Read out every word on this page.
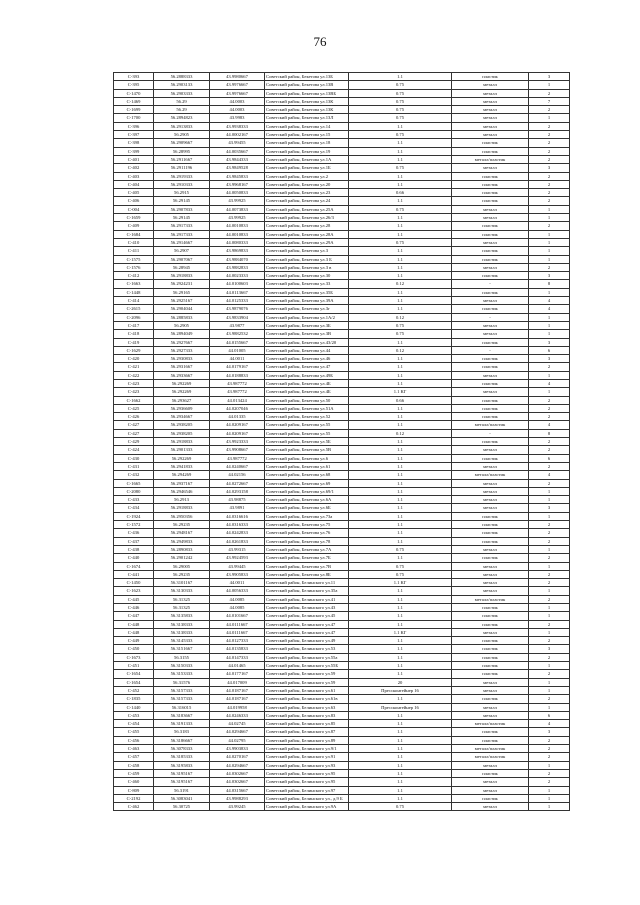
76
С-393	56.2888333	43.9980667	Советский район, Бекетова ул.13Б	1.1	пластик	3
С-395	56.2903133	43.9976667	Советский район, Бекетова ул.13В	0.75	металл	1
С-1470	56.2903333	43.9976667	Советский район, Бекетова ул.13ВБ	0.75	металл	2
С-1469	56.29	44.0003	Советский район, Бекетова ул.13К	0.75	металл	7
С-1699	56.29	44.0003	Советский район, Бекетова ул.13К	0.75	металл	2
С-1700	56.2894823	43.9983	Советский район, Бекетова ул.13Л	0.75	металл	1
С-396	56.2913833	43.9938333	Советский район, Бекетова ул.14	1.1	металл	2
С-397	56.2905	44.0002167	Советский район, Бекетова ул.15	0.75	металл	2
С-398	56.2909667	43.99455	Советский район, Бекетова ул.18	1.1	пластик	2
С-399	56.28995	44.0035667	Советский район, Бекетова ул.19	1.1	пластик	2
С-401	56.2911667	43.9844333	Советский район, Бекетова ул.1А	1.1	металл/пластик	2
С-402	56.2911196	43.9849528	Советский район, Бекетова ул.1Б	0.75	металл	3
С-403	56.2919333	43.9845833	Советский район, Бекетова ул.2	1.1	пластик	2
С-404	56.2910333	43.9968167	Советский район, Бекетова ул.20	1.1	пластик	2
С-405	56.2915	44.0050833	Советский район, Бекетова ул.23	0.66	пластик	2
С-406	56.29145	43.99925	Советский район, Бекетова ул.24	1.1	пластик	2
С-004	56.2907833	44.0073833	Советский район, Бекетова ул.25А	0.75	металл	1
С-1659	56.29145	43.99925	Советский район, Бекетова ул.26/3	1.1	металл	1
С-409	56.2917333	44.0010833	Советский район, Бекетова ул.28	1.1	пластик	2
С-1684	56.2917333	44.0010833	Советский район, Бекетова ул.28А	1.1	пластик	1
С-410	56.2914667	44.0080333	Советский район, Бекетова ул.29А	0.75	металл	1
С-411	56.2907	43.9869833	Советский район, Бекетова ул.3	1.1	пластик	1
С-1575	56.2907067	43.9884070	Советский район, Бекетова ул.3 Б	1.1	пластик	1
С-1576	56.28945	43.9882833	Советский район, Бекетова ул.3 в	1.1	металл	2
С-412	56.2918833	44.0023333	Советский район, Бекетова ул.30	1.1	пластик	3
С-1663	56.2924231	44.0100603	Советский район, Бекетова ул.33	0.12	-	8
С-1448	56.29165	44.0113667	Советский район, Бекетова ул.35Б	1.1	пластик	1
С-414	56.2925167	44.0125333	Советский район, Бекетова ул.39А	1.1	металл	4
С-2615	56.2904044	43.9879076	Советский район, Бекетова ул.3г	1.1	пластик	4
С-2096	56.2885833	43.9833904	Советский район, Бекетова ул.1А/2	0.12	-	1
С-417	56.2905	43.9877	Советский район, Бекетова ул.3Б	0.75	металл	1
С-418	56.2894049	43.9882532	Советский район, Бекетова ул.3В	0.75	металл	1
С-419	56.2927667	44.0155667	Советский район, Бекетова ул.43/20	1.1	пластик	3
С-1629	56.2927333	44.01005	Советский район, Бекетова ул.44	0.12	-	6
С-420	56.2930833	44.0011	Советский район, Бекетова ул.46	1.1	пластик	3
С-421	56.2931667	44.0179167	Советский район, Бекетова ул.47	1.1	пластик	2
С-422	56.2933667	44.0188833	Советский район, Бекетова ул.49Б	1.1	металл	1
С-423	56.292269	43.987772	Советский район, Бекетова ул.4Б	1.1	пластик	4
С-423	56.292269	43.987772	Советский район, Бекетова ул.4Б	1.1 КГ	металл	1
С-1662	56.293627	44.013424	Советский район, Бекетова ул.50	0.66	пластик	2
С-425	56.2936609	44.0207046	Советский район, Бекетова ул.51А	1.1	пластик	2
С-426	56.2934667	44.01335	Советский район, Бекетова ул.52	1.1	пластик	2
С-427	56.2938205	44.0209167	Советский район, Бекетова ул.55	1.1	металл/пластик	4
С-427	56.2938205	44.0209167	Советский район, Бекетова ул.55	0.12	-	8
С-429	56.2918833	43.9923333	Советский район, Бекетова ул.5Б	1.1	пластик	2
С-424	56.2901333	43.9908667	Советский район, Бекетова ул.5В	1.1	металл	2
С-430	56.292269	43.987772	Советский район, Бекетова ул.6	1.1	пластик	6
С-431	56.2941833	44.0240667	Советский район, Бекетова ул.61	1.1	металл	2
С-432	56.294269	44.02156	Советский район, Бекетова ул.68	1.1	металл/пластик	4
С-1665	56.2937167	44.0272667	Советский район, Бекетова ул.69	1.1	металл	2
С-2080	56.2946546	44.0293158	Советский район, Бекетова ул.69/1	1.1	металл	1
С-433	56.2913	43.98875	Советский район, Бекетова ул.6А	1.1	металл	1
С-434	56.2918833	43.9891	Советский район, Бекетова ул.6Б	1.1	металл	3
С-1924	56.2950356	44.0316616	Советский район, Бекетова ул.73а	1.1	пластик	1
С-1572	56.29235	44.0316333	Советский район, Бекетова ул.75	1.1	пластик	2
С-436	56.2948167	44.0242833	Советский район, Бекетова ул.76	1.1	пластик	2
С-437	56.2949833	44.0261833	Советский район, Бекетова ул.78	1.1	пластик	2
С-438	56.2890833	43.99315	Советский район, Бекетова ул.7А	0.75	металл	1
С-440	56.2901242	43.9924593	Советский район, Бекетова ул.7Б	1.1	пластик	2
С-1674	56.29005	43.99445	Советский район, Бекетова ул.7В	0.75	металл	1
С-441	56.29235	43.9905833	Советский район, Бекетова ул.8Б	0.75	металл	2
С-1450	56.3101167	44.0011	Советский район, Белинского ул.11	1.1 КГ	металл	2
С-1623	56.3130333	44.0056333	Советский район, Белинского ул.35а	1.1	металл	1
С-445	56.31325	44.0085	Советский район, Белинского ул.41	1.1	металл/пластик	2
С-446	56.31325	44.0085	Советский район, Белинского ул.43	1.1	пластик	1
С-447	56.3135833	44.0101667	Советский район, Белинского ул.45	1.1	пластик	1
С-448	56.3138333	44.0111667	Советский район, Белинского ул.47	1.1	пластик	2
С-448	56.3138333	44.0111667	Советский район, Белинского ул.47	1.1 КГ	металл	1
С-449	56.3145333	44.0127333	Советский район, Белинского ул.49	1.1	пластик	2
С-450	56.3151667	44.0135833	Советский район, Белинского ул.53	1.1	пластик	3
С-1673	56.3155	44.0147333	Советский район, Белинского ул.55а	1.1	пластик	2
С-451	56.3150333	44.01465	Советский район, Белинского ул.55Б	1.1	пластик	1
С-1654	56.3153333	44.0177167	Советский район, Белинского ул.59	1.1	пластик	2
С-1654	56.31576	44.017009	Советский район, Белинского ул.59	20	металл	1
С-452	56.3157333	44.0187167	Советский район, Белинского ул.61	Прессконтейнер 16	металл	1
С-1835	56.3157333	44.0187167	Советский район, Белинского ул.61в	1.1	пластик	2
С-1440	56.316015	44.019958	Советский район, Белинского ул.63	Прессконтейнер 16	металл	1
С-453	56.3183667	44.0246333	Советский район, Белинского ул.83	1.1	металл	6
С-454	56.3191333	44.02745	Советский район, Белинского ул.85	1.1	металл/пластик	4
С-455	56.3183	44.0294667	Советский район, Белинского ул.87	1.1	пластик	3
С-456	56.3186667	44.02795	Советский район, Белинского ул.89	1.1	пластик	2
С-463	56.3078333	43.9903833	Советский район, Белинского ул.9/1	1.1	металл/пластик	2
С-457	56.3185333	44.0270167	Советский район, Белинского ул.91	1.1	металл/пластик	2
С-458	56.3195833	44.0294667	Советский район, Белинского ул.93	1.1	металл	1
С-459	56.3195167	44.0302667	Советский район, Белинского ул.95	1.1	пластик	2
С-460	56.3195167	44.0302667	Советский район, Белинского ул.95	1.1	металл	2
С-809	56.3191	44.0315667	Советский район, Белинского ул.97	1.1	металл	1
С-2192	56.3083041	43.9988293	Советский район, Белинского ул., д.9 Б	1.1	пластик	1
С-462	56.30725	43.99245	Советский район, Белинского ул.9А	0.75	металл	1
